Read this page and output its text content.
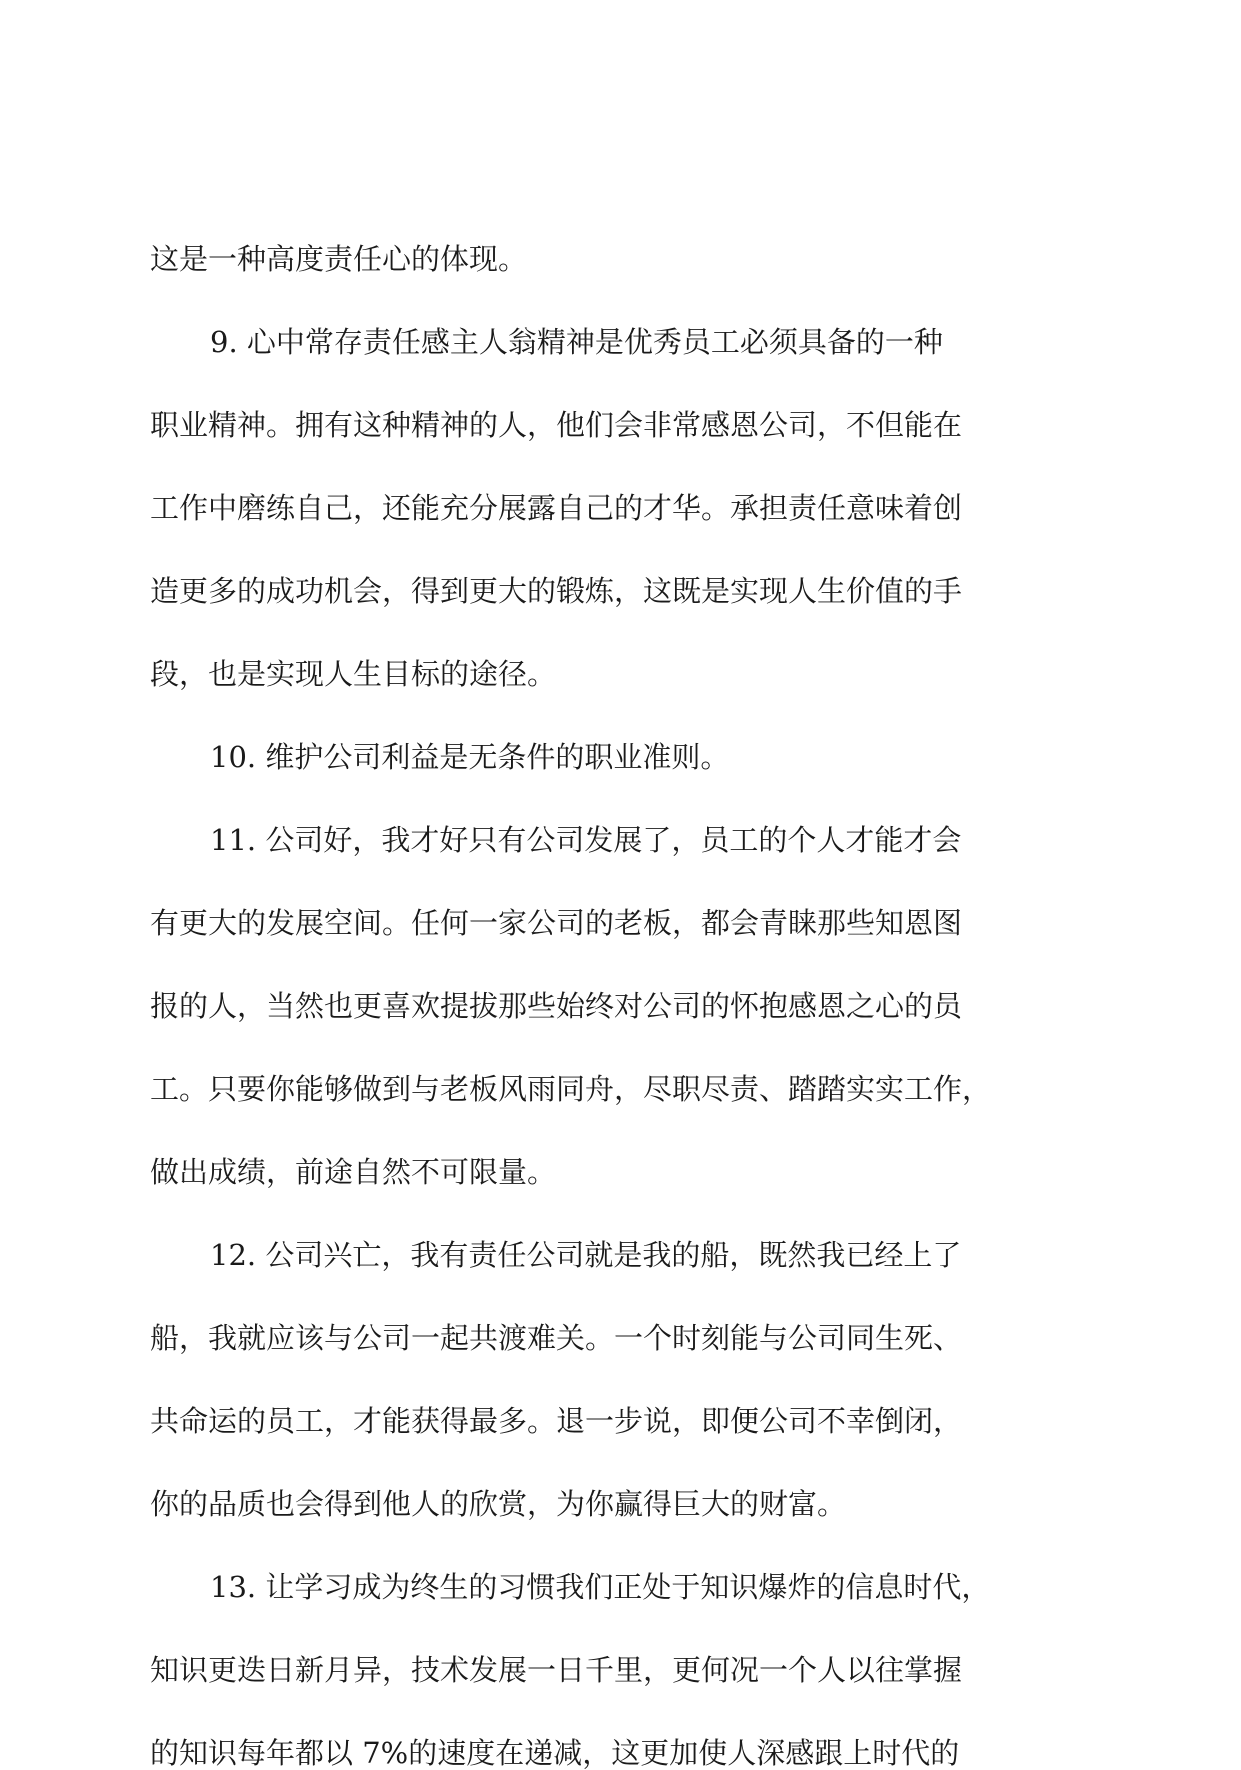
这是一种高度责任心的体现。
9. 心中常存责任感主人翁精神是优秀员工必须具备的一种
职业精神。拥有这种精神的人，他们会非常感恩公司，不但能在
工作中磨练自己，还能充分展露自己的才华。承担责任意味着创
造更多的成功机会，得到更大的锻炼，这既是实现人生价值的手
段，也是实现人生目标的途径。
10. 维护公司利益是无条件的职业准则。
11. 公司好，我才好只有公司发展了，员工的个人才能才会
有更大的发展空间。任何一家公司的老板，都会青睐那些知恩图
报的人，当然也更喜欢提拔那些始终对公司的怀抱感恩之心的员
工。只要你能够做到与老板风雨同舟，尽职尽责、踏踏实实工作，
做出成绩，前途自然不可限量。
12. 公司兴亡，我有责任公司就是我的船，既然我已经上了
船，我就应该与公司一起共渡难关。一个时刻能与公司同生死、
共命运的员工，才能获得最多。退一步说，即便公司不幸倒闭，
你的品质也会得到他人的欣赏，为你赢得巨大的财富。
13. 让学习成为终生的习惯我们正处于知识爆炸的信息时代，
知识更迭日新月异，技术发展一日千里，更何况一个人以往掌握
的知识每年都以 7%的速度在递减，这更加使人深感跟上时代的
